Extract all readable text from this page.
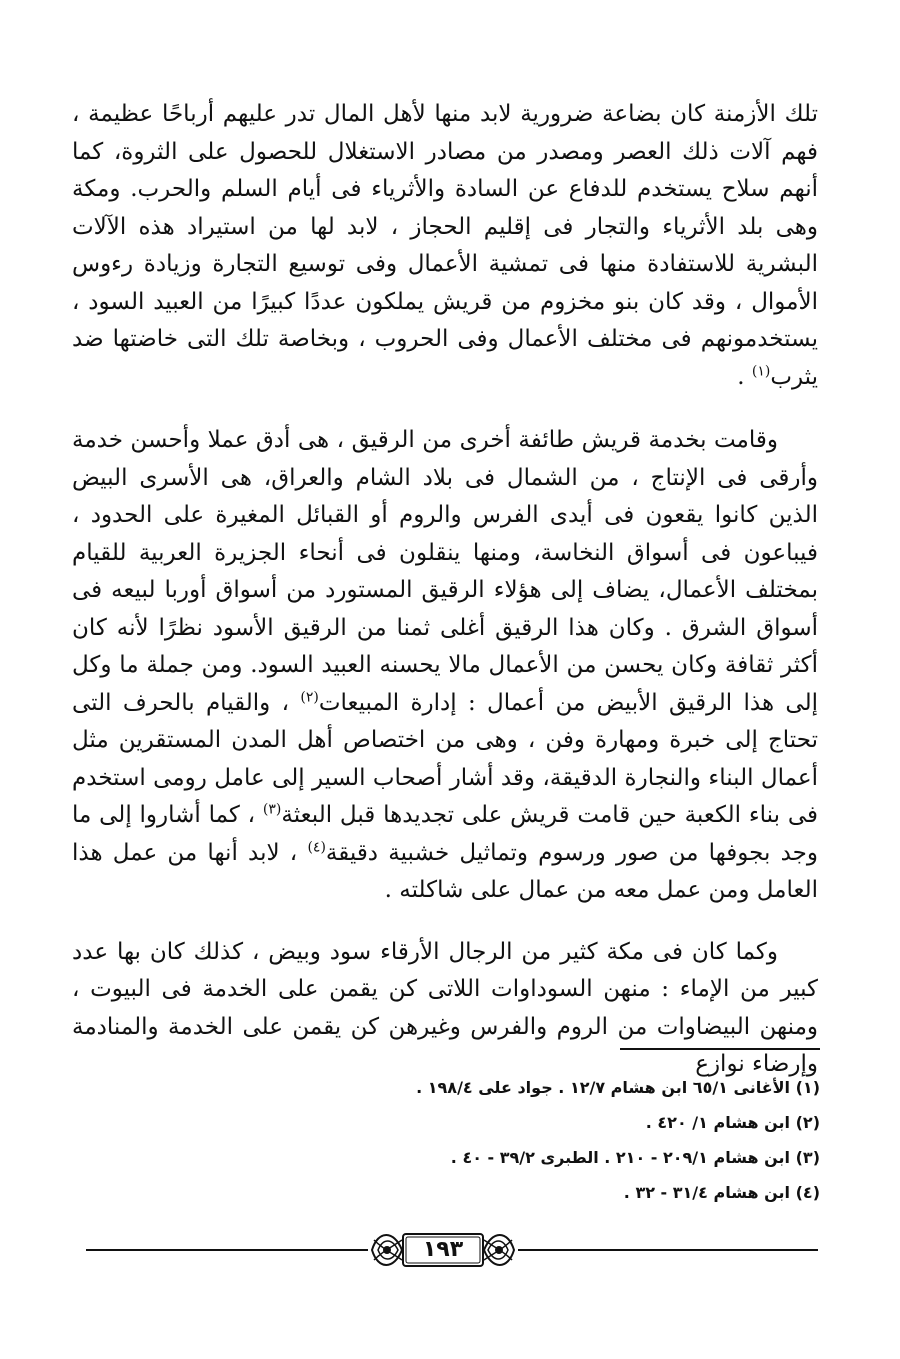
تلك الأزمنة كان بضاعة ضرورية لابد منها لأهل المال تدر عليهم أرباحًا عظيمة ، فهم آلات ذلك العصر ومصدر من مصادر الاستغلال للحصول على الثروة، كما أنهم سلاح يستخدم للدفاع عن السادة والأثرياء فى أيام السلم والحرب. ومكة وهى بلد الأثرياء والتجار فى إقليم الحجاز ، لابد لها من استيراد هذه الآلات البشرية للاستفادة منها فى تمشية الأعمال وفى توسيع التجارة وزيادة رءوس الأموال ، وقد كان بنو مخزوم من قريش يملكون عددًا كبيرًا من العبيد السود ، يستخدمونهم فى مختلف الأعمال وفى الحروب ، وبخاصة تلك التى خاضتها ضد يثرب$^{(١)}$ .

وقامت بخدمة قريش طائفة أخرى من الرقيق ، هى أدق عملا وأحسن خدمة وأرقى فى الإنتاج ، من الشمال فى بلاد الشام والعراق، هى الأسرى البيض الذين كانوا يقعون فى أيدى الفرس والروم أو القبائل المغيرة على الحدود ، فيباعون فى أسواق النخاسة، ومنها ينقلون فى أنحاء الجزيرة العربية للقيام بمختلف الأعمال، يضاف إلى هؤلاء الرقيق المستورد من أسواق أوربا لبيعه فى أسواق الشرق . وكان هذا الرقيق أغلى ثمنا من الرقيق الأسود نظرًا لأنه كان أكثر ثقافة وكان يحسن من الأعمال مالا يحسنه العبيد السود. ومن جملة ما وكل إلى هذا الرقيق الأبيض من أعمال : إدارة المبيعات$^{(٢)}$ ، والقيام بالحرف التى تحتاج إلى خبرة ومهارة وفن ، وهى من اختصاص أهل المدن المستقرين مثل أعمال البناء والنجارة الدقيقة، وقد أشار أصحاب السير إلى عامل رومى استخدم فى بناء الكعبة حين قامت قريش على تجديدها قبل البعثة$^{(٣)}$ ، كما أشاروا إلى ما وجد بجوفها من صور ورسوم وتماثيل خشبية دقيقة$^{(٤)}$ ، لابد أنها من عمل هذا العامل ومن عمل معه من عمال على شاكلته .

وكما كان فى مكة كثير من الرجال الأرقاء سود وبيض ، كذلك كان بها عدد كبير من الإماء : منهن السوداوات اللاتى كن يقمن على الخدمة فى البيوت ، ومنهن البيضاوات من الروم والفرس وغيرهن كن يقمن على الخدمة والمنادمة وإرضاء نوازع

(١) الأغانى ٦٥/١ ابن هشام ١٢/٧ . جواد على ١٩٨/٤ .
(٢) ابن هشام ١/ ٤٢٠ .
(٣) ابن هشام ٢٠٩/١ - ٢١٠ . الطبرى ٣٩/٢ - ٤٠ .
(٤) ابن هشام ٣١/٤ - ٣٢ .
١٩٣
